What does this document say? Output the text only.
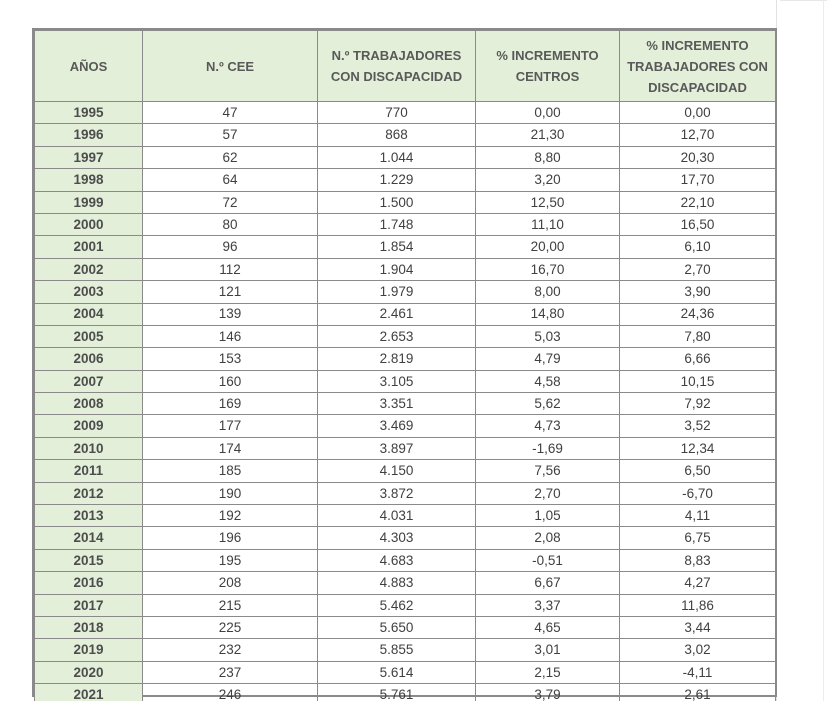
AÑOS	N.º CEE	N.º TRABAJADORES CON DISCAPACIDAD	% INCREMENTO CENTROS	% INCREMENTO TRABAJADORES CON DISCAPACIDAD
1995	47	770	0,00	0,00
1996	57	868	21,30	12,70
1997	62	1.044	8,80	20,30
1998	64	1.229	3,20	17,70
1999	72	1.500	12,50	22,10
2000	80	1.748	11,10	16,50
2001	96	1.854	20,00	6,10
2002	112	1.904	16,70	2,70
2003	121	1.979	8,00	3,90
2004	139	2.461	14,80	24,36
2005	146	2.653	5,03	7,80
2006	153	2.819	4,79	6,66
2007	160	3.105	4,58	10,15
2008	169	3.351	5,62	7,92
2009	177	3.469	4,73	3,52
2010	174	3.897	-1,69	12,34
2011	185	4.150	7,56	6,50
2012	190	3.872	2,70	-6,70
2013	192	4.031	1,05	4,11
2014	196	4.303	2,08	6,75
2015	195	4.683	-0,51	8,83
2016	208	4.883	6,67	4,27
2017	215	5.462	3,37	11,86
2018	225	5.650	4,65	3,44
2019	232	5.855	3,01	3,02
2020	237	5.614	2,15	-4,11
2021	246	5.761	3,79	2,61
